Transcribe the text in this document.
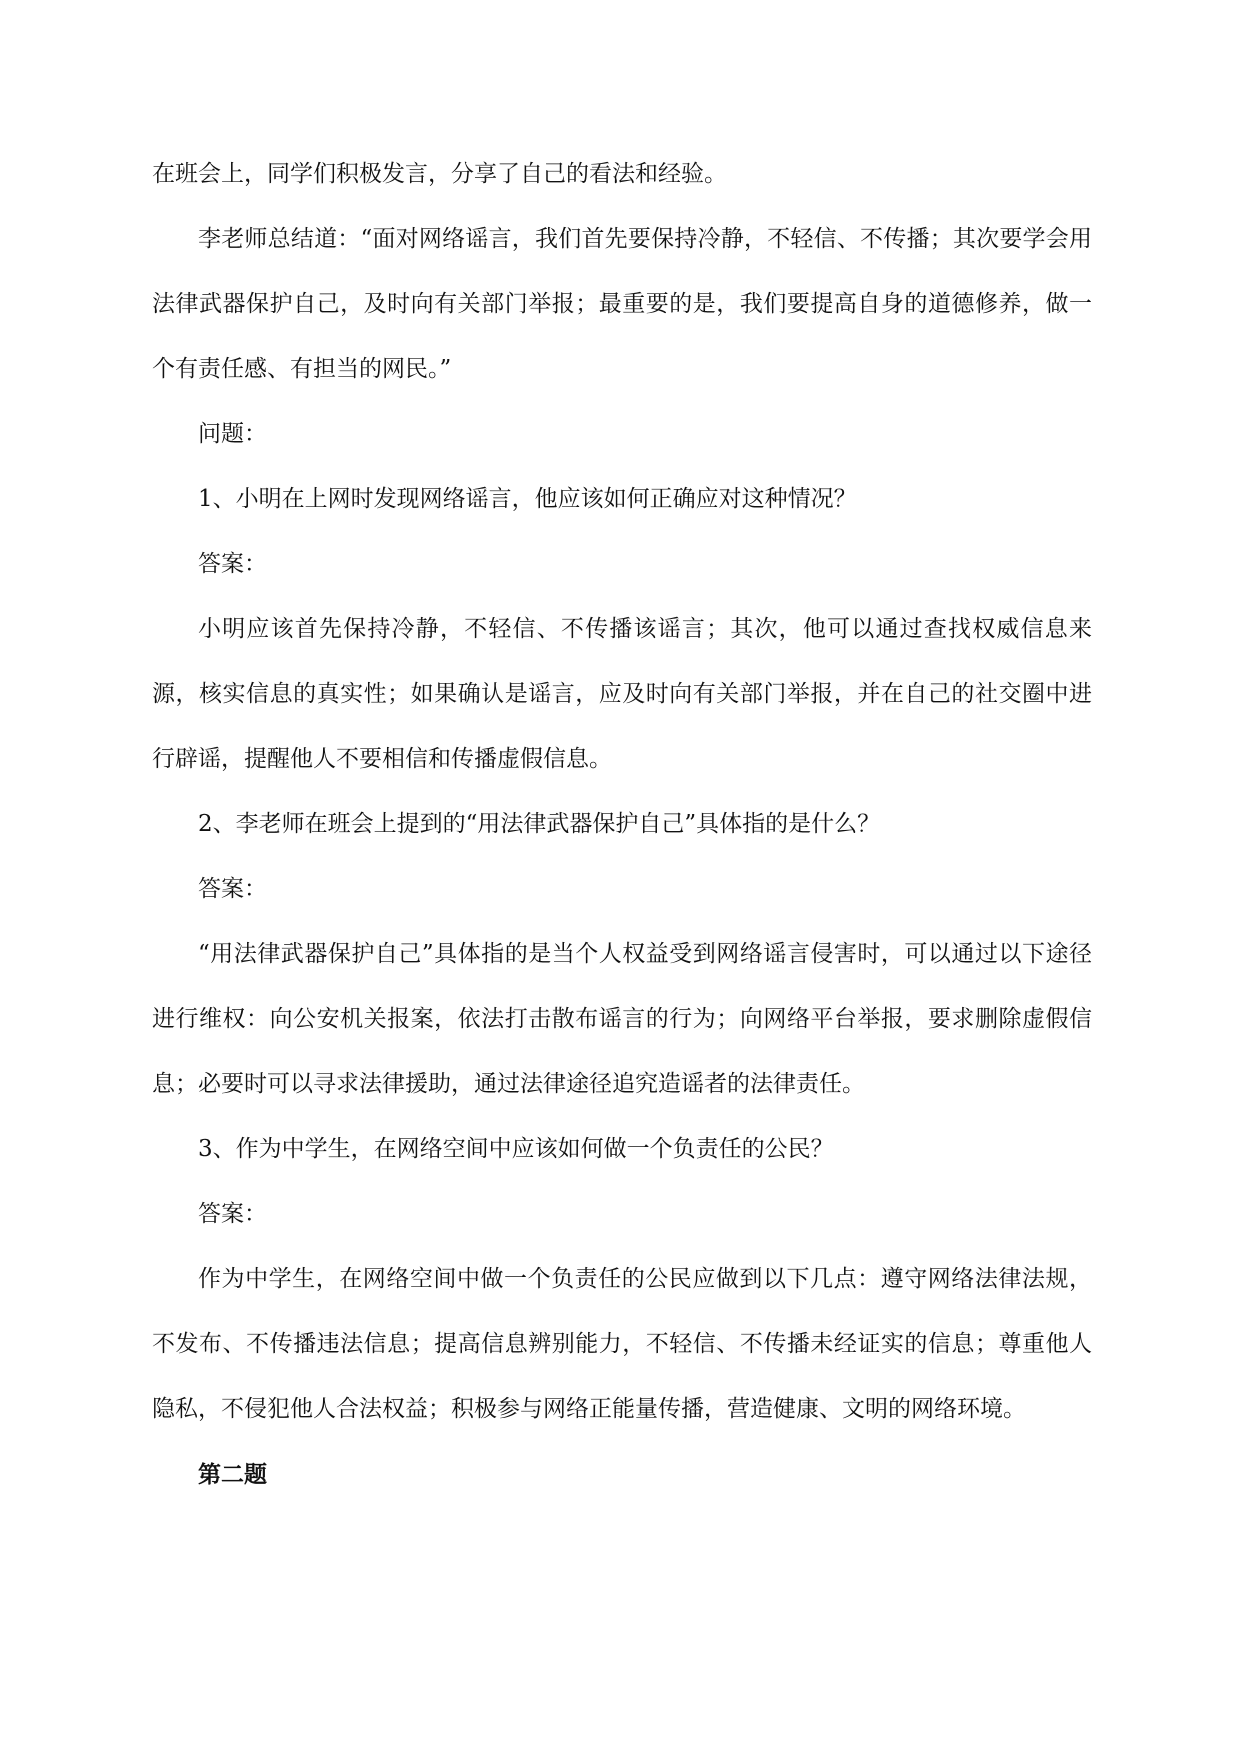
在班会上，同学们积极发言，分享了自己的看法和经验。

李老师总结道：“面对网络谣言，我们首先要保持冷静，不轻信、不传播；其次要学会用法律武器保护自己，及时向有关部门举报；最重要的是，我们要提高自身的道德修养，做一个有责任感、有担当的网民。”

问题：

1、小明在上网时发现网络谣言，他应该如何正确应对这种情况？

答案：

小明应该首先保持冷静，不轻信、不传播该谣言；其次，他可以通过查找权威信息来源，核实信息的真实性；如果确认是谣言，应及时向有关部门举报，并在自己的社交圈中进行辟谣，提醒他人不要相信和传播虚假信息。

2、李老师在班会上提到的“用法律武器保护自己”具体指的是什么？

答案：

“用法律武器保护自己”具体指的是当个人权益受到网络谣言侵害时，可以通过以下途径进行维权：向公安机关报案，依法打击散布谣言的行为；向网络平台举报，要求删除虚假信息；必要时可以寻求法律援助，通过法律途径追究造谣者的法律责任。

3、作为中学生，在网络空间中应该如何做一个负责任的公民？

答案：

作为中学生，在网络空间中做一个负责任的公民应做到以下几点：遵守网络法律法规，不发布、不传播违法信息；提高信息辨别能力，不轻信、不传播未经证实的信息；尊重他人隐私，不侵犯他人合法权益；积极参与网络正能量传播，营造健康、文明的网络环境。

第二题
